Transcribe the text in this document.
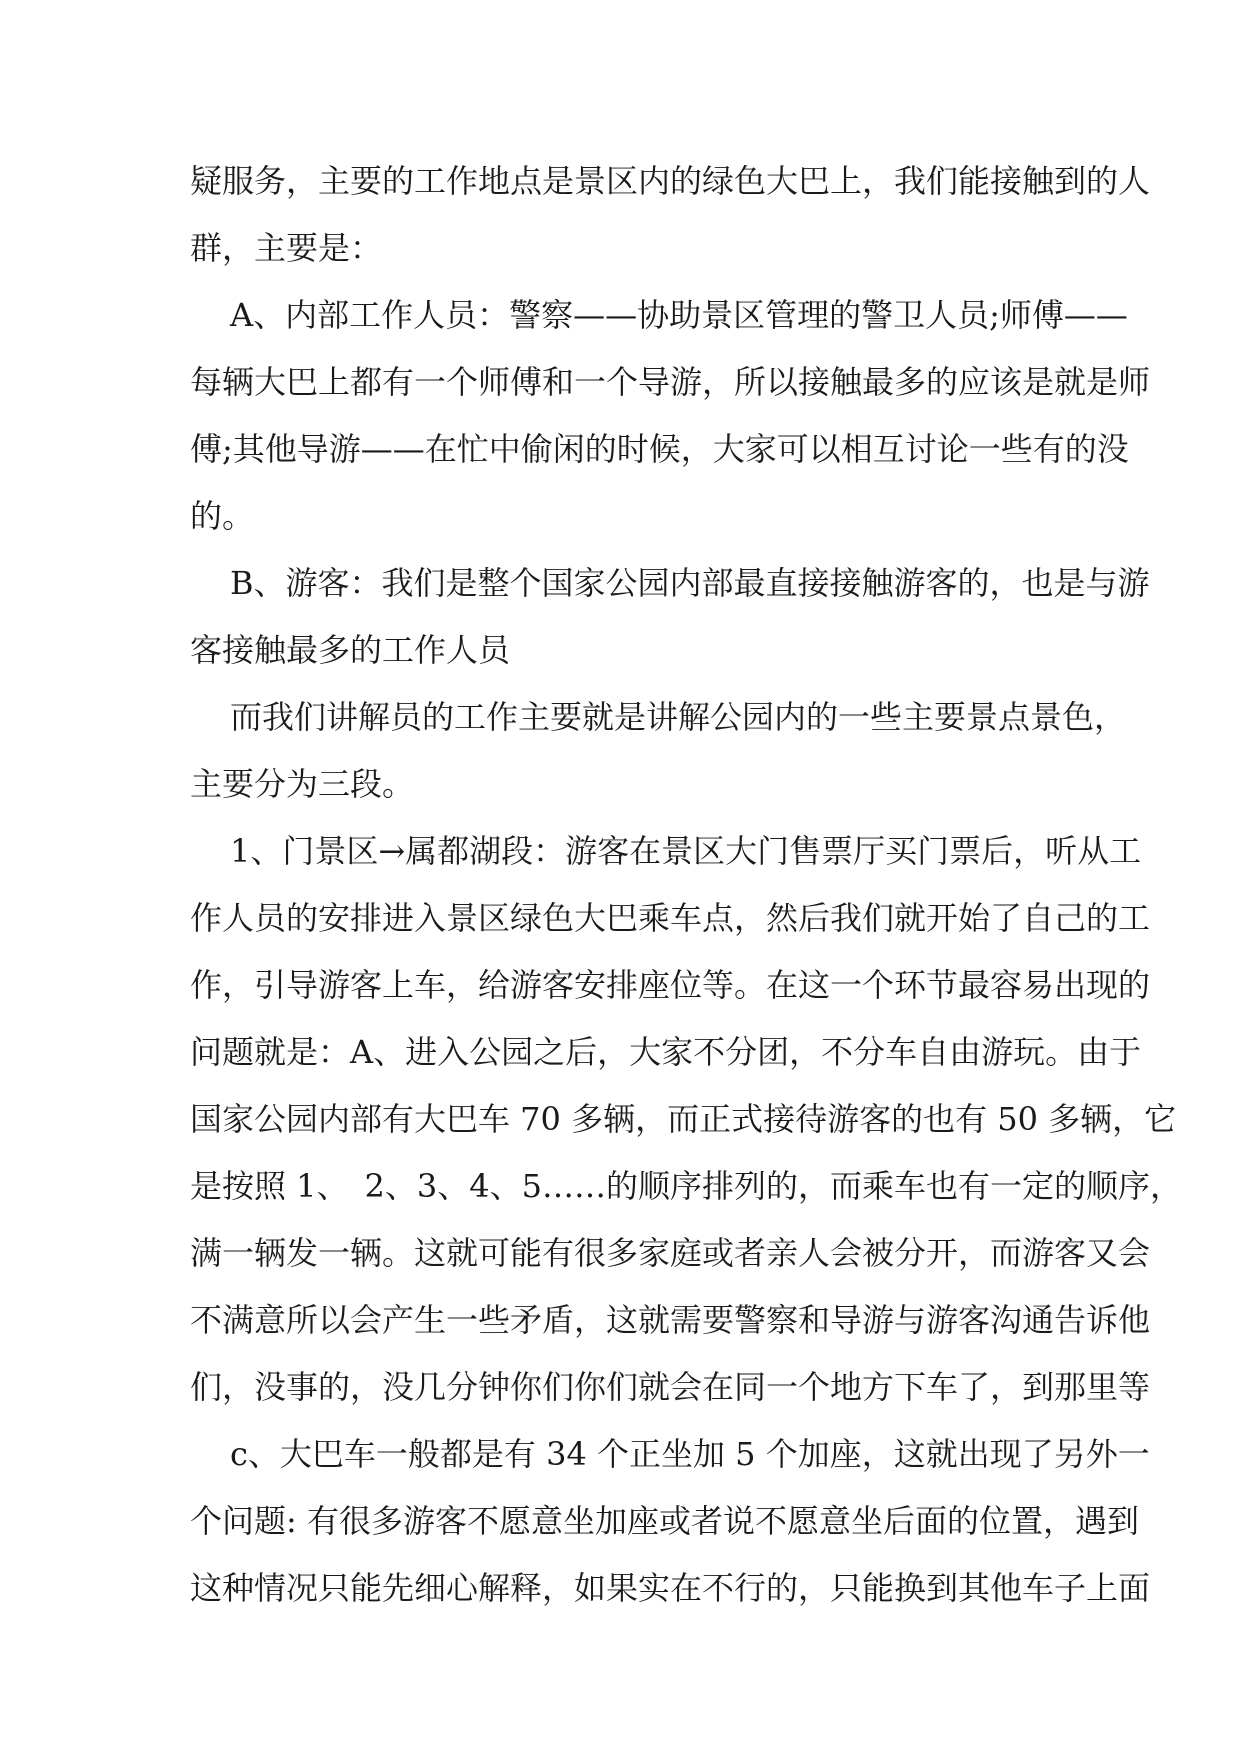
疑服务，主要的工作地点是景区内的绿色大巴上，我们能接触到的人
群，主要是：
A、内部工作人员：警察——协助景区管理的警卫人员;师傅——
每辆大巴上都有一个师傅和一个导游，所以接触最多的应该是就是师
傅;其他导游——在忙中偷闲的时候，大家可以相互讨论一些有的没
的。
B、游客：我们是整个国家公园内部最直接接触游客的，也是与游
客接触最多的工作人员
而我们讲解员的工作主要就是讲解公园内的一些主要景点景色，
主要分为三段。
1、门景区→属都湖段：游客在景区大门售票厅买门票后，听从工
作人员的安排进入景区绿色大巴乘车点，然后我们就开始了自己的工
作，引导游客上车，给游客安排座位等。在这一个环节最容易出现的
问题就是：A、进入公园之后，大家不分团，不分车自由游玩。由于
国家公园内部有大巴车 70 多辆，而正式接待游客的也有 50 多辆，它
是按照 1、　2、3、4、5……的顺序排列的，而乘车也有一定的顺序，
满一辆发一辆。这就可能有很多家庭或者亲人会被分开，而游客又会
不满意所以会产生一些矛盾，这就需要警察和导游与游客沟通告诉他
们，没事的，没几分钟你们你们就会在同一个地方下车了，到那里等
c、大巴车一般都是有 34 个正坐加 5 个加座，这就出现了另外一
个问题: 有很多游客不愿意坐加座或者说不愿意坐后面的位置，遇到
这种情况只能先细心解释，如果实在不行的，只能换到其他车子上面
